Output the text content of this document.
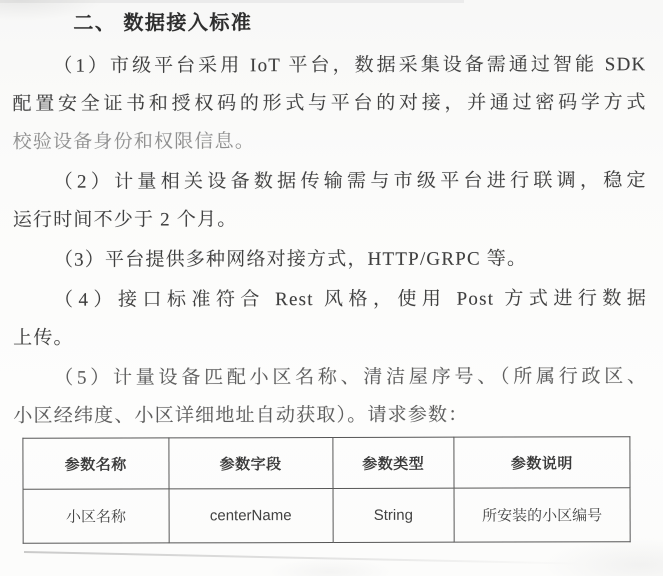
二、 数据接入标准
（1）市级平台采用 IoT 平台，数据采集设备需通过智能 SDK
配置安全证书和授权码的形式与平台的对接，并通过密码学方式
校验设备身份和权限信息。
（2）计量相关设备数据传输需与市级平台进行联调，稳定
运行时间不少于 2 个月。
（3）平台提供多种网络对接方式，HTTP/GRPC 等。
（4）接口标准符合 Rest 风格，使用 Post 方式进行数据
上传。
（5）计量设备匹配小区名称、清洁屋序号、（所属行政区、
小区经纬度、小区详细地址自动获取）。请求参数：
参数名称	参数字段	参数类型	参数说明
小区名称	centerName	String	所安装的小区编号
